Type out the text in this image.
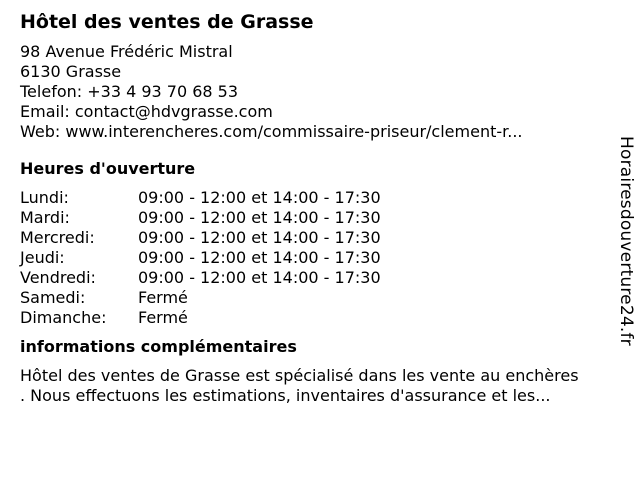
Hôtel des ventes de Grasse
98 Avenue Frédéric Mistral
6130 Grasse
Telefon: +33 4 93 70 68 53
Email: contact@hdvgrasse.com
Web: www.interencheres.com/commissaire-priseur/clement-r...
Heures d'ouverture
Lundi:	09:00 - 12:00 et 14:00 - 17:30
Mardi:	09:00 - 12:00 et 14:00 - 17:30
Mercredi:	09:00 - 12:00 et 14:00 - 17:30
Jeudi:	09:00 - 12:00 et 14:00 - 17:30
Vendredi:	09:00 - 12:00 et 14:00 - 17:30
Samedi:	Fermé
Dimanche:	Fermé
informations complémentaires
Hôtel des ventes de Grasse est spécialisé dans les vente au enchères
. Nous effectuons les estimations, inventaires d'assurance et les...
Horairesdouverture24.fr
